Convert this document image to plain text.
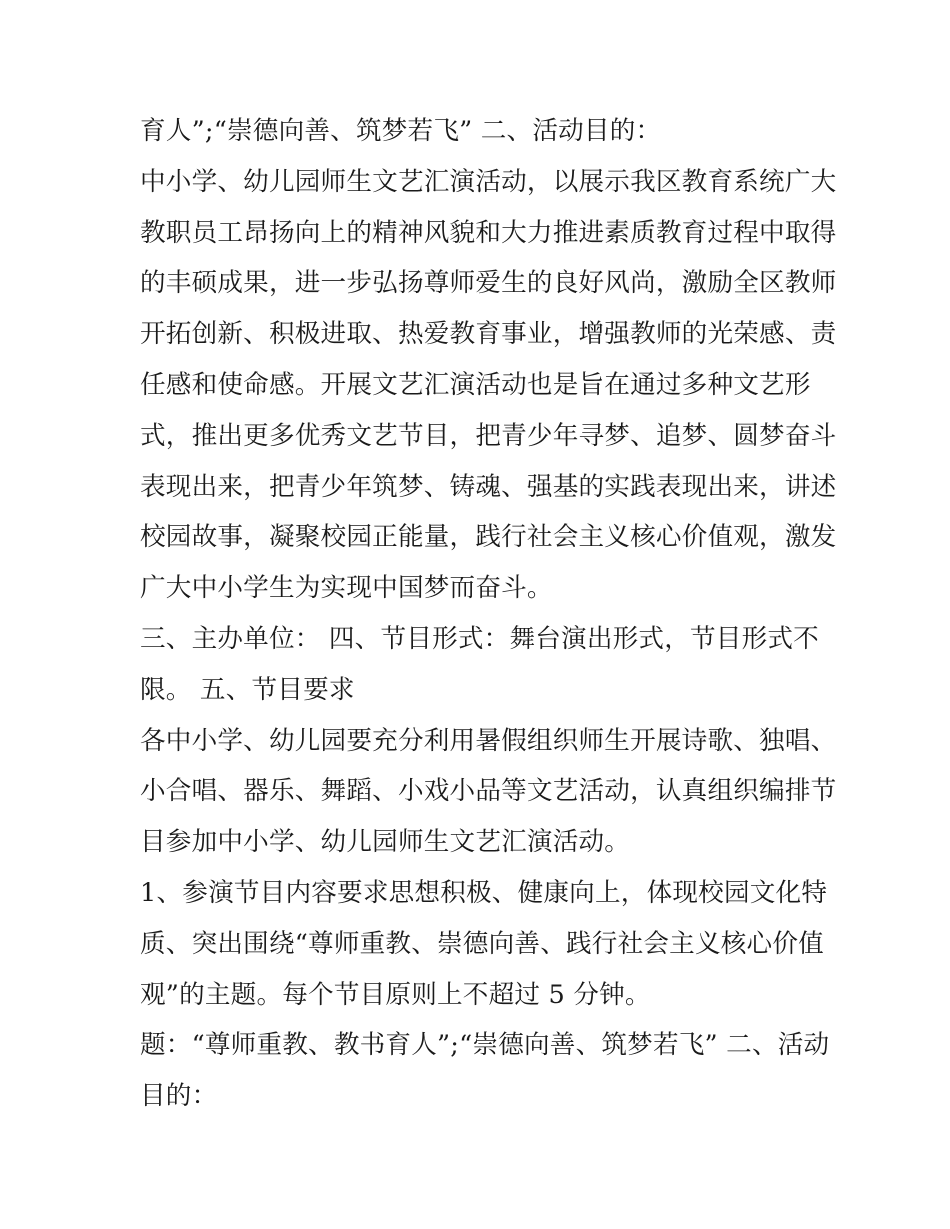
育人”;“崇德向善、筑梦若飞” 二、活动目的：
中小学、幼儿园师生文艺汇演活动，以展示我区教育系统广大
教职员工昂扬向上的精神风貌和大力推进素质教育过程中取得
的丰硕成果，进一步弘扬尊师爱生的良好风尚，激励全区教师
开拓创新、积极进取、热爱教育事业，增强教师的光荣感、责
任感和使命感。开展文艺汇演活动也是旨在通过多种文艺形
式，推出更多优秀文艺节目，把青少年寻梦、追梦、圆梦奋斗
表现出来，把青少年筑梦、铸魂、强基的实践表现出来，讲述
校园故事，凝聚校园正能量，践行社会主义核心价值观，激发
广大中小学生为实现中国梦而奋斗。
三、主办单位： 四、节目形式：舞台演出形式，节目形式不
限。 五、节目要求
各中小学、幼儿园要充分利用暑假组织师生开展诗歌、独唱、
小合唱、器乐、舞蹈、小戏小品等文艺活动，认真组织编排节
目参加中小学、幼儿园师生文艺汇演活动。
1、参演节目内容要求思想积极、健康向上，体现校园文化特
质、突出围绕“尊师重教、崇德向善、践行社会主义核心价值
观”的主题。每个节目原则上不超过 5 分钟。
题：“尊师重教、教书育人”;“崇德向善、筑梦若飞” 二、活动
目的：
